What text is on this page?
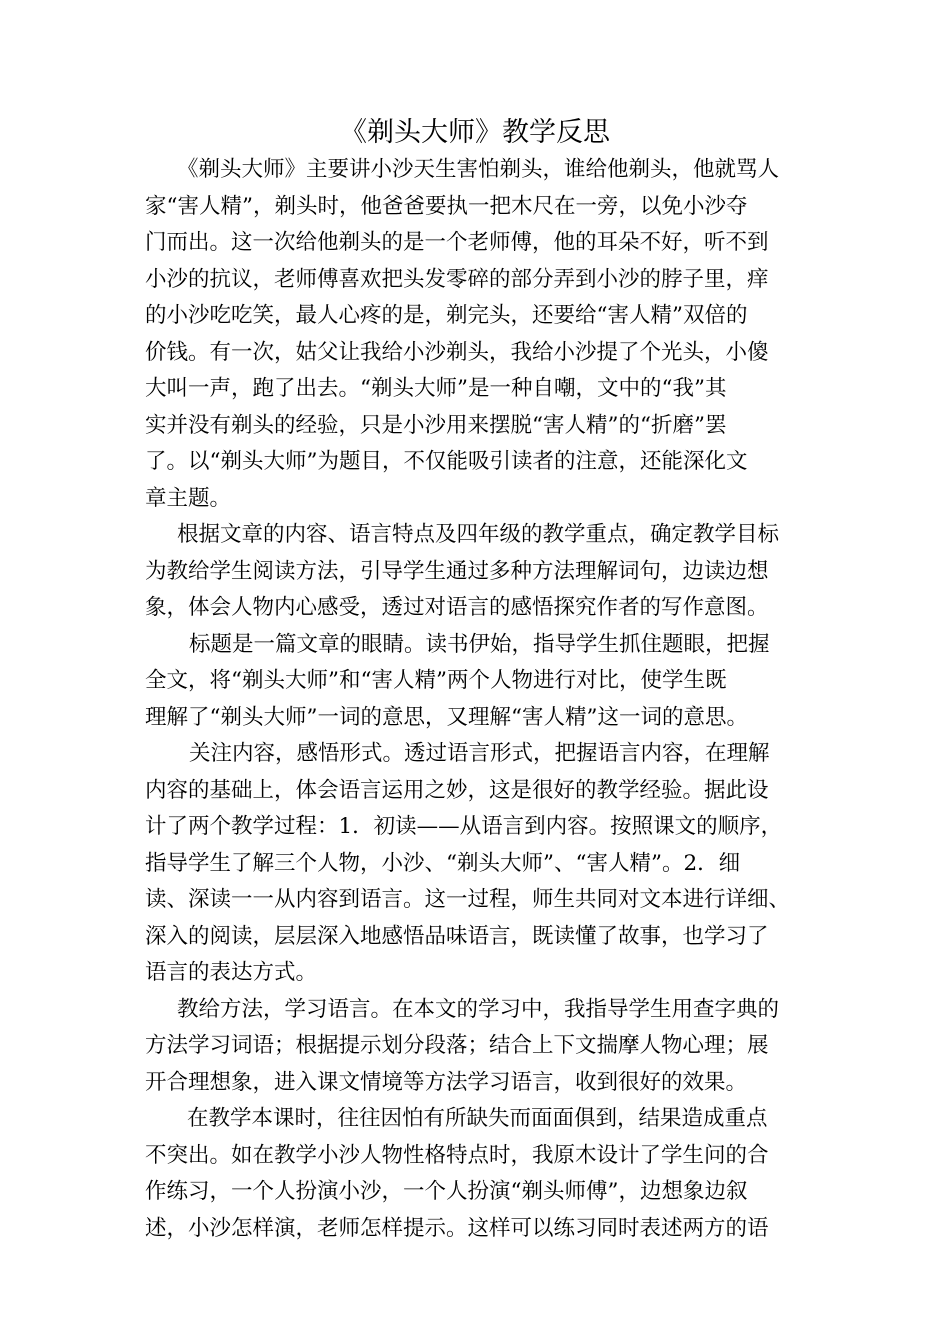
《剃头大师》教学反思
《剃头大师》主要讲小沙天生害怕剃头，谁给他剃头，他就骂人
家“害人精”，剃头时，他爸爸要执一把木尺在一旁，以免小沙夺
门而出。这一次给他剃头的是一个老师傅，他的耳朵不好，听不到
小沙的抗议，老师傅喜欢把头发零碎的部分弄到小沙的脖子里，痒
的小沙吃吃笑，最人心疼的是，剃完头，还要给“害人精”双倍的
价钱。有一次，姑父让我给小沙剃头，我给小沙提了个光头，小傻
大叫一声，跑了出去。“剃头大师”是一种自嘲，文中的“我”其
实并没有剃头的经验，只是小沙用来摆脱“害人精”的“折磨”罢
了。以“剃头大师”为题目，不仅能吸引读者的注意，还能深化文
章主题。
根据文章的内容、语言特点及四年级的教学重点，确定教学目标
为教给学生阅读方法，引导学生通过多种方法理解词句，边读边想
象，体会人物内心感受，透过对语言的感悟探究作者的写作意图。
标题是一篇文章的眼睛。读书伊始，指导学生抓住题眼，把握
全文，将“剃头大师”和“害人精”两个人物进行对比，使学生既
理解了“剃头大师”一词的意思，又理解“害人精”这一词的意思。
关注内容，感悟形式。透过语言形式，把握语言内容，在理解
内容的基础上，体会语言运用之妙，这是很好的教学经验。据此设
计了两个教学过程：1．初读——从语言到内容。按照课文的顺序，
指导学生了解三个人物，小沙、“剃头大师”、“害人精”。2．细
读、深读一一从内容到语言。这一过程，师生共同对文本进行详细、
深入的阅读，层层深入地感悟品味语言，既读懂了故事，也学习了
语言的表达方式。
教给方法，学习语言。在本文的学习中，我指导学生用查字典的
方法学习词语；根据提示划分段落；结合上下文揣摩人物心理；展
开合理想象，进入课文情境等方法学习语言，收到很好的效果。
在教学本课时，往往因怕有所缺失而面面俱到，结果造成重点
不突出。如在教学小沙人物性格特点时，我原木设计了学生问的合
作练习，一个人扮演小沙，一个人扮演“剃头师傅”，边想象边叙
述，小沙怎样演，老师怎样提示。这样可以练习同时表述两方的语
